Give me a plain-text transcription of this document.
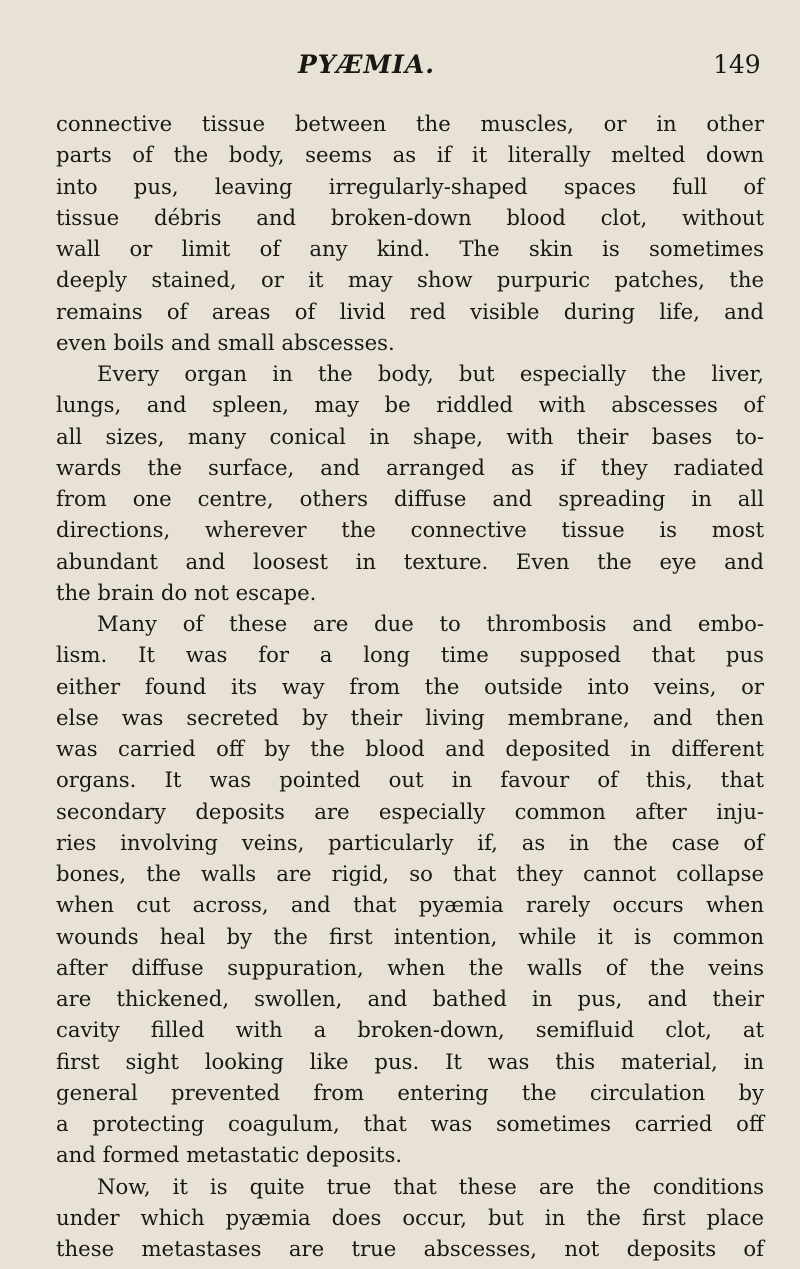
PYÆMIA.	149
connective tissue between the muscles, or in other
parts of the body, seems as if it literally melted down
into pus, leaving irregularly-shaped spaces full of
tissue débris and broken-down blood clot, without
wall or limit of any kind. The skin is sometimes
deeply stained, or it may show purpuric patches, the
remains of areas of livid red visible during life, and
even boils and small abscesses.
Every organ in the body, but especially the liver,
lungs, and spleen, may be riddled with abscesses of
all sizes, many conical in shape, with their bases to-
wards the surface, and arranged as if they radiated
from one centre, others diffuse and spreading in all
directions, wherever the connective tissue is most
abundant and loosest in texture. Even the eye and
the brain do not escape.
Many of these are due to thrombosis and embo-
lism. It was for a long time supposed that pus
either found its way from the outside into veins, or
else was secreted by their living membrane, and then
was carried off by the blood and deposited in different
organs. It was pointed out in favour of this, that
secondary deposits are especially common after inju-
ries involving veins, particularly if, as in the case of
bones, the walls are rigid, so that they cannot collapse
when cut across, and that pyæmia rarely occurs when
wounds heal by the first intention, while it is common
after diffuse suppuration, when the walls of the veins
are thickened, swollen, and bathed in pus, and their
cavity filled with a broken-down, semifluid clot, at
first sight looking like pus. It was this material, in
general prevented from entering the circulation by
a protecting coagulum, that was sometimes carried off
and formed metastatic deposits.
Now, it is quite true that these are the conditions
under which pyæmia does occur, but in the first place
these metastases are true abscesses, not deposits of
